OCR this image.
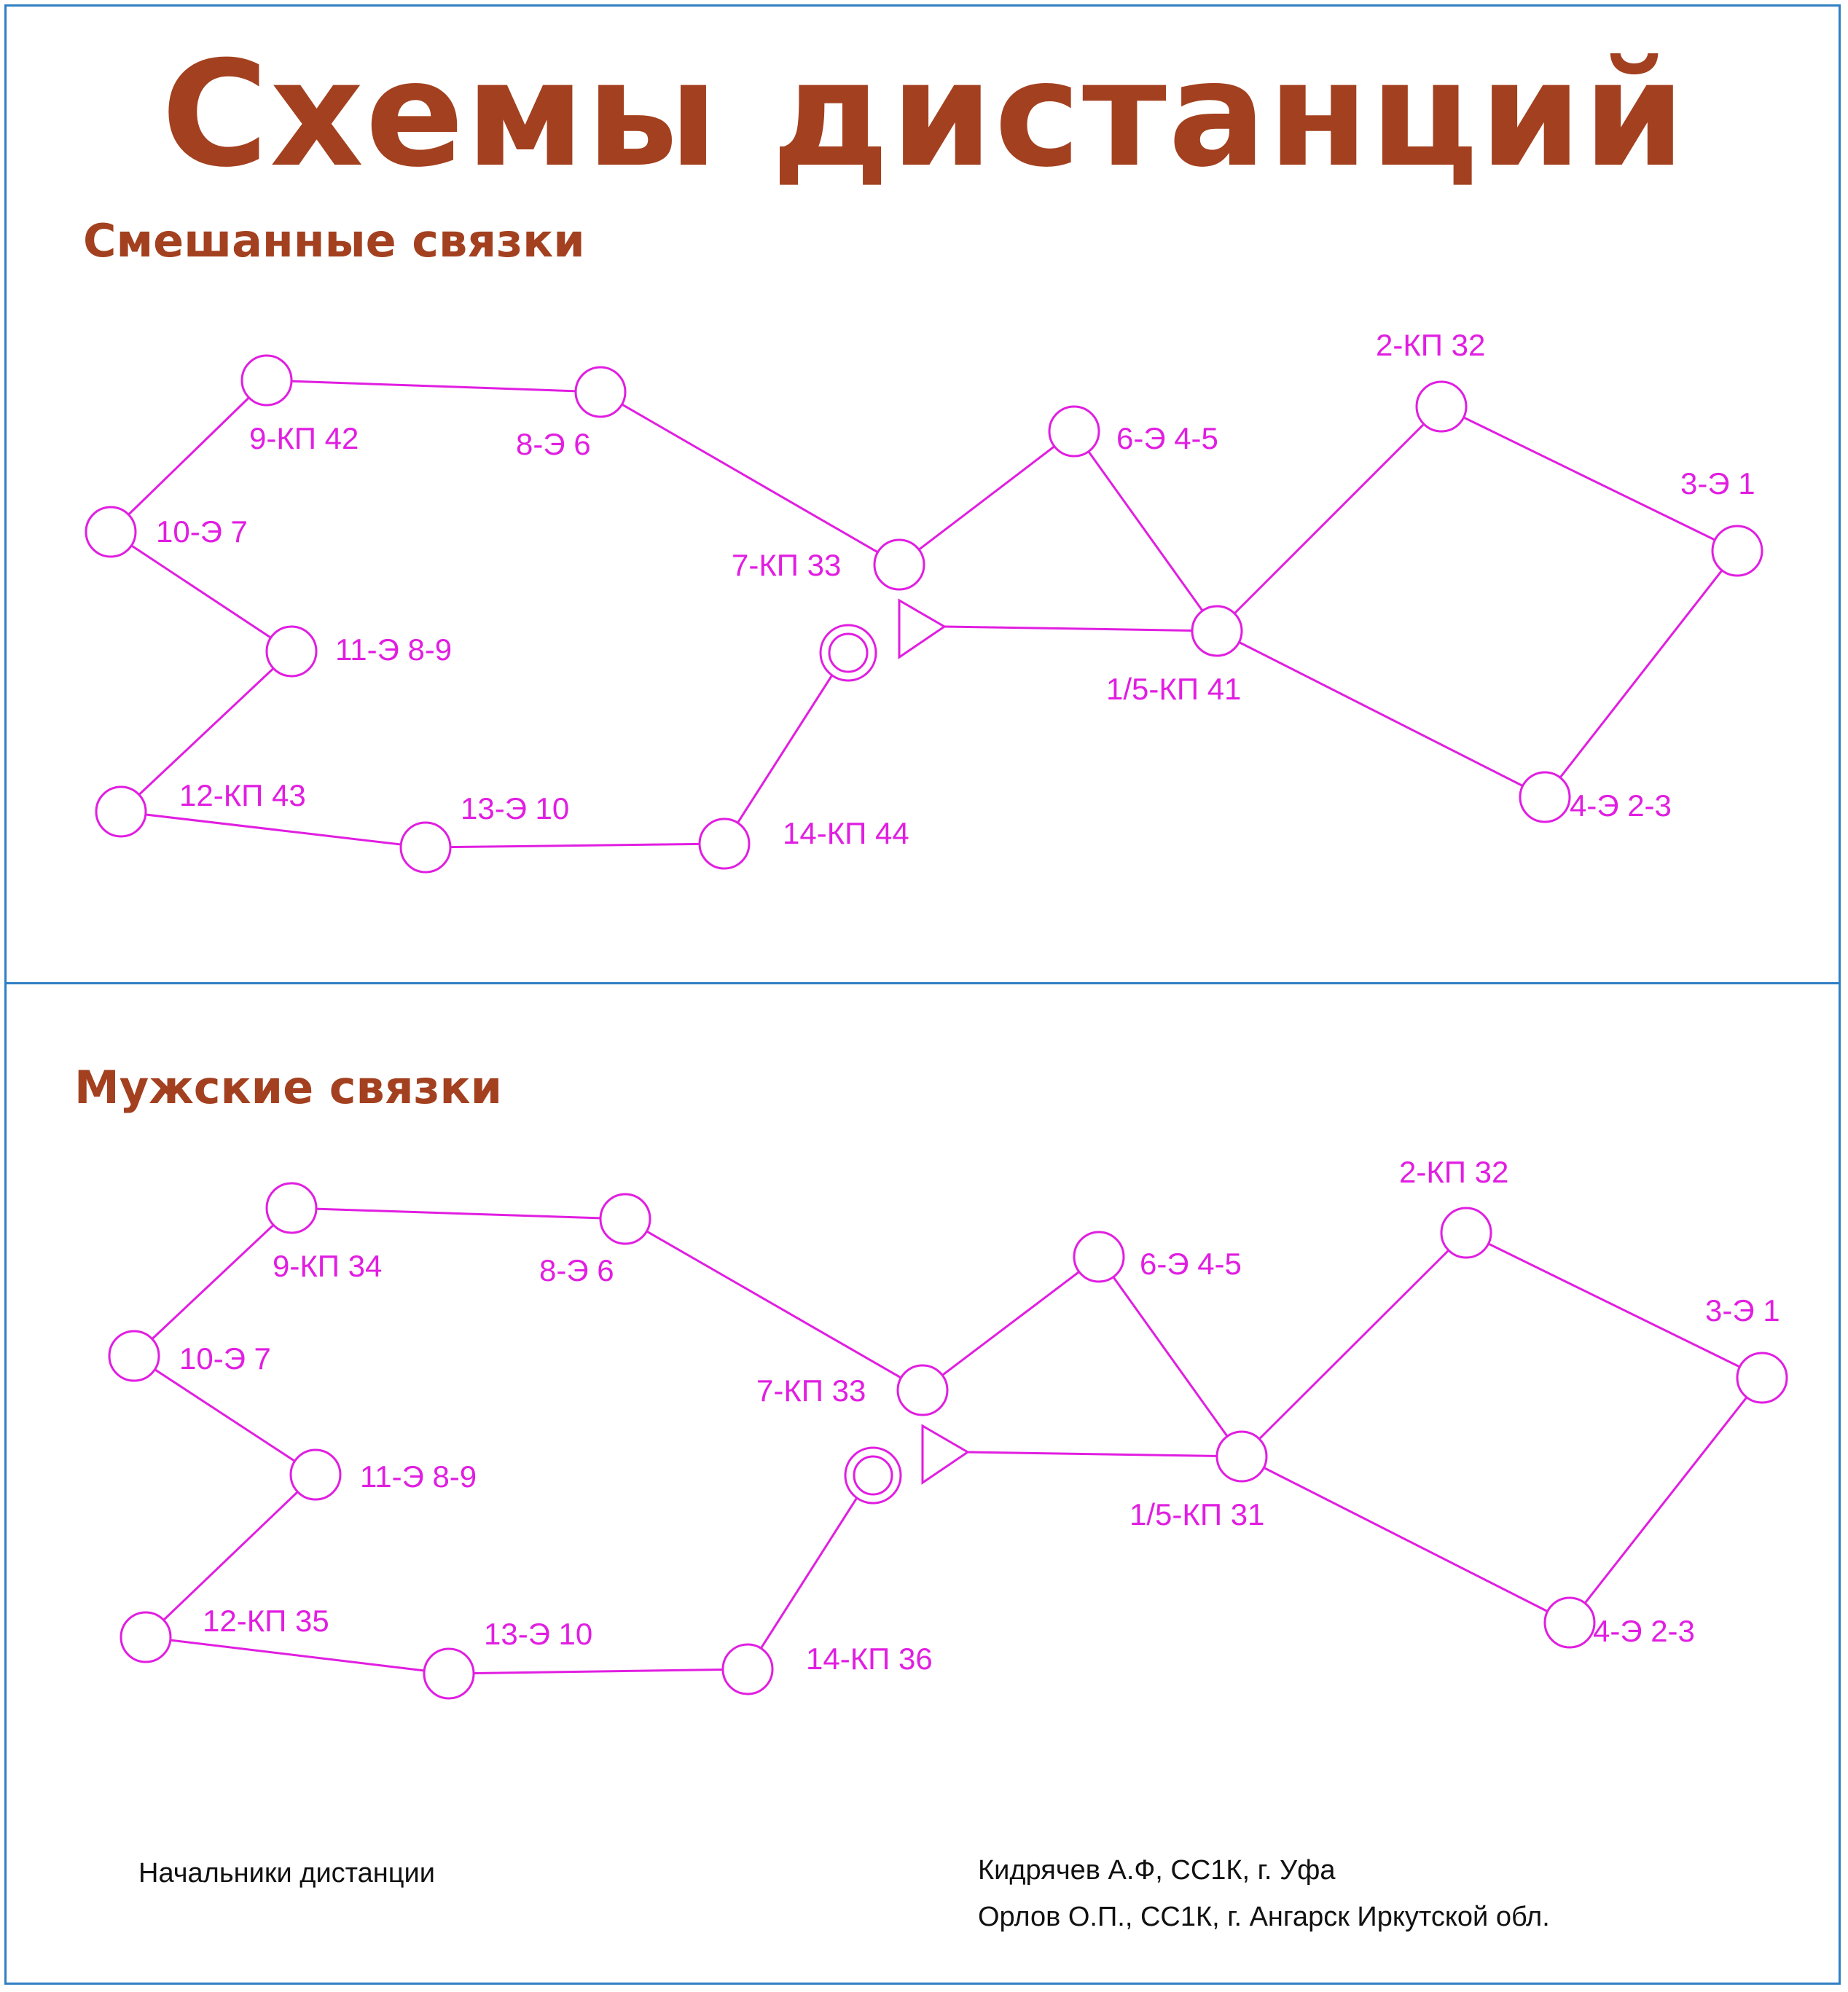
Схемы дистанций
Смешанные связки
Мужские связки
9-КП 42	8-Э 6
10-Э 7
11-Э 8-9
12-КП 43	13-Э 10
14-КП 44
7-КП 33
6-Э 4-5
1/5-КП 41
2-КП 32
3-Э 1
4-Э 2-3
9-КП 34	8-Э 6
10-Э 7
11-Э 8-9
12-КП 35	13-Э 10
14-КП 36
7-КП 33
6-Э 4-5
1/5-КП 31
2-КП 32
3-Э 1
4-Э 2-3
Начальники дистанции	Кидрячев А.Ф, СС1К, г. Уфа
Орлов О.П., СС1К, г. Ангарск Иркутской обл.
